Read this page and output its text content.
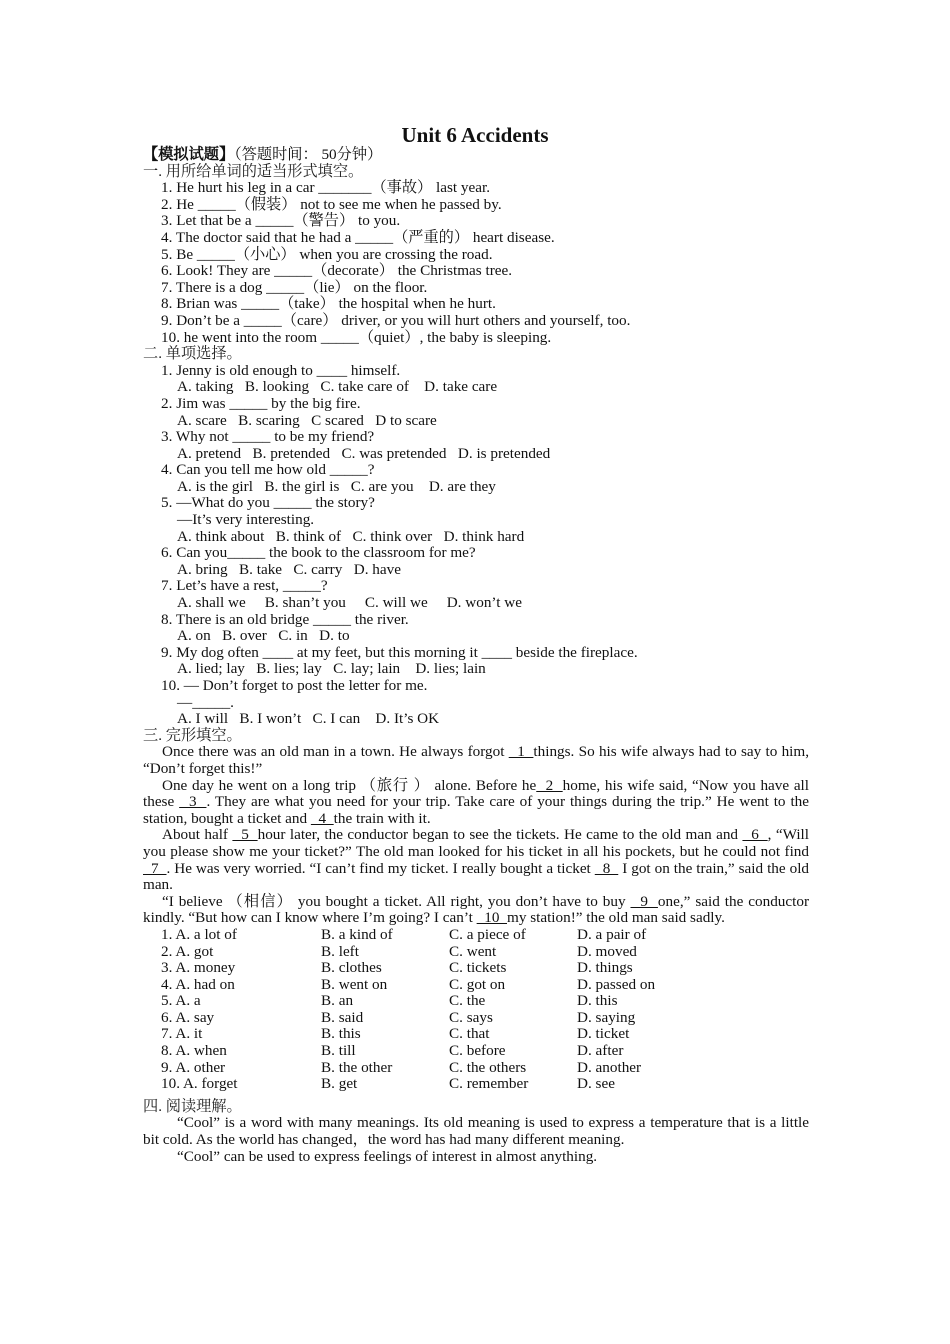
Unit 6 Accidents
【模拟试题】（答题时间： 50分钟）
一. 用所给单词的适当形式填空。
1. He hurt his leg in a car _______（事故） last year.
2. He _____（假装） not to see me when he passed by.
3. Let that be a _____（警告） to you.
4. The doctor said that he had a _____（严重的） heart disease.
5. Be _____（小心） when you are crossing the road.
6. Look! They are _____（decorate） the Christmas tree.
7. There is a dog _____（lie） on the floor.
8. Brian was _____（take） the hospital when he hurt.
9. Don’t be a _____（care） driver, or you will hurt others and yourself, too.
10. he went into the room _____（quiet）, the baby is sleeping.
二. 单项选择。
1. Jenny is old enough to ____ himself.
A. taking   B. looking   C. take care of    D. take care
2. Jim was _____ by the big fire.
A. scare   B. scaring   C scared   D to scare
3. Why not _____ to be my friend?
A. pretend   B. pretended   C. was pretended   D. is pretended
4. Can you tell me how old _____?
A. is the girl   B. the girl is   C. are you    D. are they
5. —What do you _____ the story?
—It’s very interesting.
A. think about   B. think of   C. think over   D. think hard
6. Can you_____ the book to the classroom for me?
A. bring   B. take   C. carry   D. have
7. Let’s have a rest, _____?
A. shall we     B. shan’t you     C. will we     D. won’t we
8. There is an old bridge _____ the river.
A. on   B. over   C. in   D. to
9. My dog often ____ at my feet, but this morning it ____ beside the fireplace.
A. lied; lay   B. lies; lay   C. lay; lain    D. lies; lain
10. — Don’t forget to post the letter for me.
—_____.
A. I will   B. I won’t   C. I can    D. It’s OK
三. 完形填空。

Once there was an old man in a town. He always forgot   1  things. So his wife always had to say to him, “Don’t forget this!”

One day he went on a long trip （旅行 ） alone. Before he  2  home, his wife said, “Now you have all these   3  . They are what you need for your trip. Take care of your things during the trip.” He went to the station, bought a ticket and   4  the train with it.

About half   5  hour later, the conductor began to see the tickets. He came to the old man and   6  , “Will you please show me your ticket?” The old man looked for his ticket in all his pockets, but he could not find   7  . He was very worried. “I can’t find my ticket. I really bought a ticket   8   I got on the train,” said the old man.

“I believe （相信） you bought a ticket. All right, you don’t have to buy   9  one,” said the conductor kindly. “But how can I know where I’m going? I can’t   10  my station!” the old man said sadly.

1. A. a lot of	B. a kind of	C. a piece of	D. a pair of
2. A. got	B. left	C. went	D. moved
3. A. money	B. clothes	C. tickets	D. things
4. A. had on	B. went on	C. got on	D. passed on
5. A. a	B. an	C. the	D. this
6. A. say	B. said	C. says	D. saying
7. A. it	B. this	C. that	D. ticket
8. A. when	B. till	C. before	D. after
9. A. other	B. the other	C. the others	D. another
10. A. forget	B. get	C. remember	D. see
四. 阅读理解。

“Cool” is a word with many meanings. Its old meaning is used to express a temperature that is a little bit cold. As the world has changed，the word has had many different meaning.

“Cool” can be used to express feelings of interest in almost anything.
